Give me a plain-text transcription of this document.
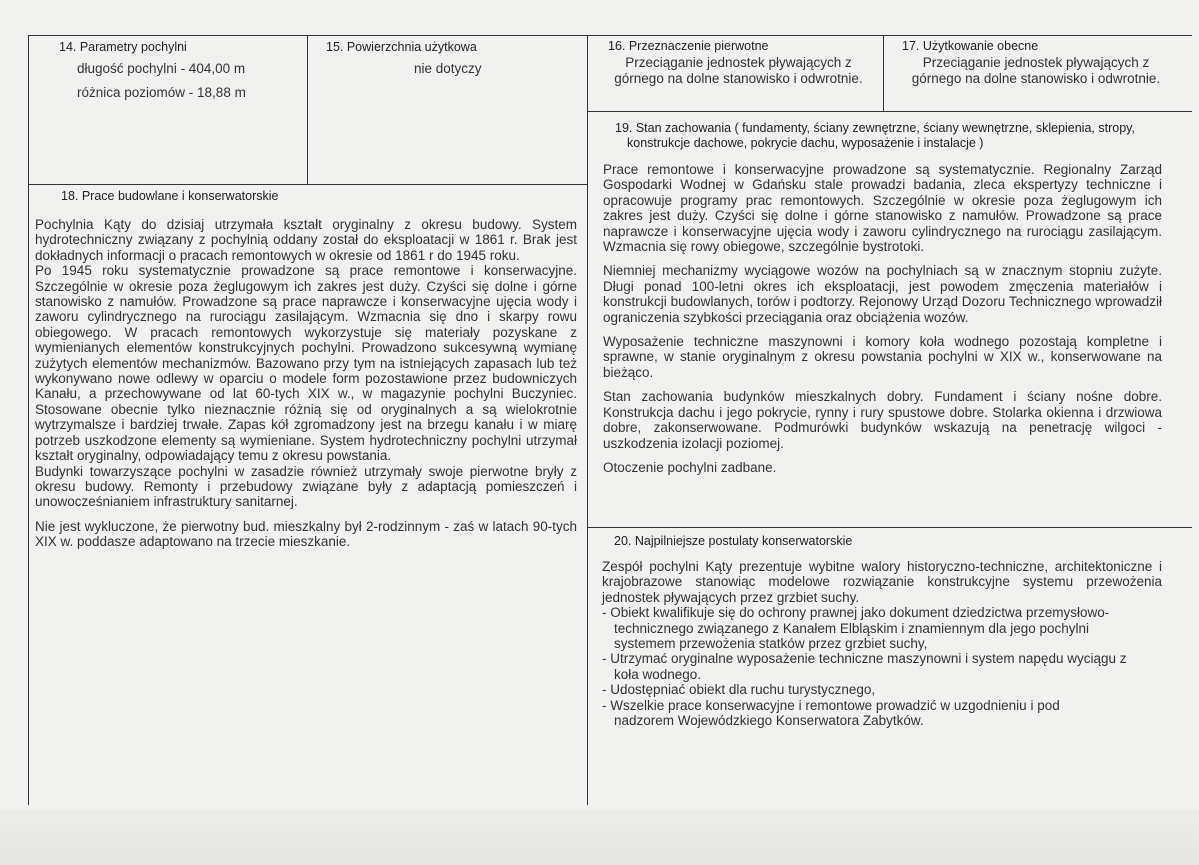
14. Parametry pochylni
długość pochylni - 404,00 m
różnica poziomów - 18,88 m
15. Powierzchnia użytkowa
nie dotyczy
16. Przeznaczenie pierwotne
Przeciąganie jednostek pływających z górnego na dolne stanowisko i odwrotnie.
17. Użytkowanie obecne
Przeciąganie jednostek pływających z górnego na dolne stanowisko i odwrotnie.
18. Prace budowlane i konserwatorskie

Pochylnia Kąty do dzisiaj utrzymała kształt oryginalny z okresu budowy. System hydrotechniczny związany z pochylnią oddany został do eksploatacji w 1861 r. Brak jest dokładnych informacji o pracach remontowych w okresie od 1861 r do 1945 roku.

Po 1945 roku systematycznie prowadzone są prace remontowe i konserwacyjne. Szczególnie w okresie poza żeglugowym ich zakres jest duży. Czyści się dolne i górne stanowisko z namułów. Prowadzone są prace naprawcze i konserwacyjne ujęcia wody i zaworu cylindrycznego na rurociągu zasilającym. Wzmacnia się dno i skarpy rowu obiegowego. W pracach remontowych wykorzystuje się materiały pozyskane z wymienianych elementów konstrukcyjnych pochylni. Prowadzono sukcesywną wymianę zużytych elementów mechanizmów. Bazowano przy tym na istniejących zapasach lub też wykonywano nowe odlewy w oparciu o modele form pozostawione przez budowniczych Kanału, a przechowywane od lat 60-tych XIX w., w magazynie pochylni Buczyniec. Stosowane obecnie tylko nieznacznie różnią się od oryginalnych a są wielokrotnie wytrzymalsze i bardziej trwałe. Zapas kół zgromadzony jest na brzegu kanału i w miarę potrzeb uszkodzone elementy są wymieniane. System hydrotechniczny pochylni utrzymał kształt oryginalny, odpowiadający temu z okresu powstania.

Budynki towarzyszące pochylni w zasadzie również utrzymały swoje pierwotne bryły z okresu budowy. Remonty i przebudowy związane były z adaptacją pomieszczeń i unowocześnianiem infrastruktury sanitarnej.

Nie jest wykluczone, że pierwotny bud. mieszkalny był 2-rodzinnym - zaś w latach 90-tych XIX w. poddasze adaptowano na trzecie mieszkanie.

19. Stan zachowania ( fundamenty, ściany zewnętrzne, ściany wewnętrzne, sklepienia, stropy,
konstrukcje dachowe, pokrycie dachu, wyposażenie i instalacje )

Prace remontowe i konserwacyjne prowadzone są systematycznie. Regionalny Zarząd Gospodarki Wodnej w Gdańsku stale prowadzi badania, zleca ekspertyzy techniczne i opracowuje programy prac remontowych. Szczególnie w okresie poza żeglugowym ich zakres jest duży. Czyści się dolne i górne stanowisko z namułów. Prowadzone są prace naprawcze i konserwacyjne ujęcia wody i zaworu cylindrycznego na rurociągu zasilającym. Wzmacnia się rowy obiegowe, szczególnie bystrotoki.

Niemniej mechanizmy wyciągowe wozów na pochylniach są w znacznym stopniu zużyte. Długi ponad 100-letni okres ich eksploatacji, jest powodem zmęczenia materiałów i konstrukcji budowlanych, torów i podtorzy. Rejonowy Urząd Dozoru Technicznego wprowadził ograniczenia szybkości przeciągania oraz obciążenia wozów.

Wyposażenie techniczne maszynowni i komory koła wodnego pozostają kompletne i sprawne, w stanie oryginalnym z okresu powstania pochylni w XIX w., konserwowane na bieżąco.

Stan zachowania budynków mieszkalnych dobry. Fundament i ściany nośne dobre. Konstrukcja dachu i jego pokrycie, rynny i rury spustowe dobre. Stolarka okienna i drzwiowa dobre, zakonserwowane. Podmurówki budynków wskazują na penetrację wilgoci - uszkodzenia izolacji poziomej.

Otoczenie pochylni zadbane.

20. Najpilniejsze postulaty konserwatorskie

Zespół pochylni Kąty prezentuje wybitne walory historyczno-techniczne, architektoniczne i krajobrazowe stanowiąc modelowe rozwiązanie konstrukcyjne systemu przewożenia jednostek pływających przez grzbiet suchy.

- Obiekt kwalifikuje się do ochrony prawnej jako dokument dziedzictwa przemysłowo-technicznego związanego z Kanałem Elbląskim i znamiennym dla jego pochylni systemem przewożenia statków przez grzbiet suchy,
- Utrzymać oryginalne wyposażenie techniczne maszynowni i system napędu wyciągu z koła wodnego.
- Udostępniać obiekt dla ruchu turystycznego,
- Wszelkie prace konserwacyjne i remontowe prowadzić w uzgodnieniu i pod nadzorem Wojewódzkiego Konserwatora Zabytków.
